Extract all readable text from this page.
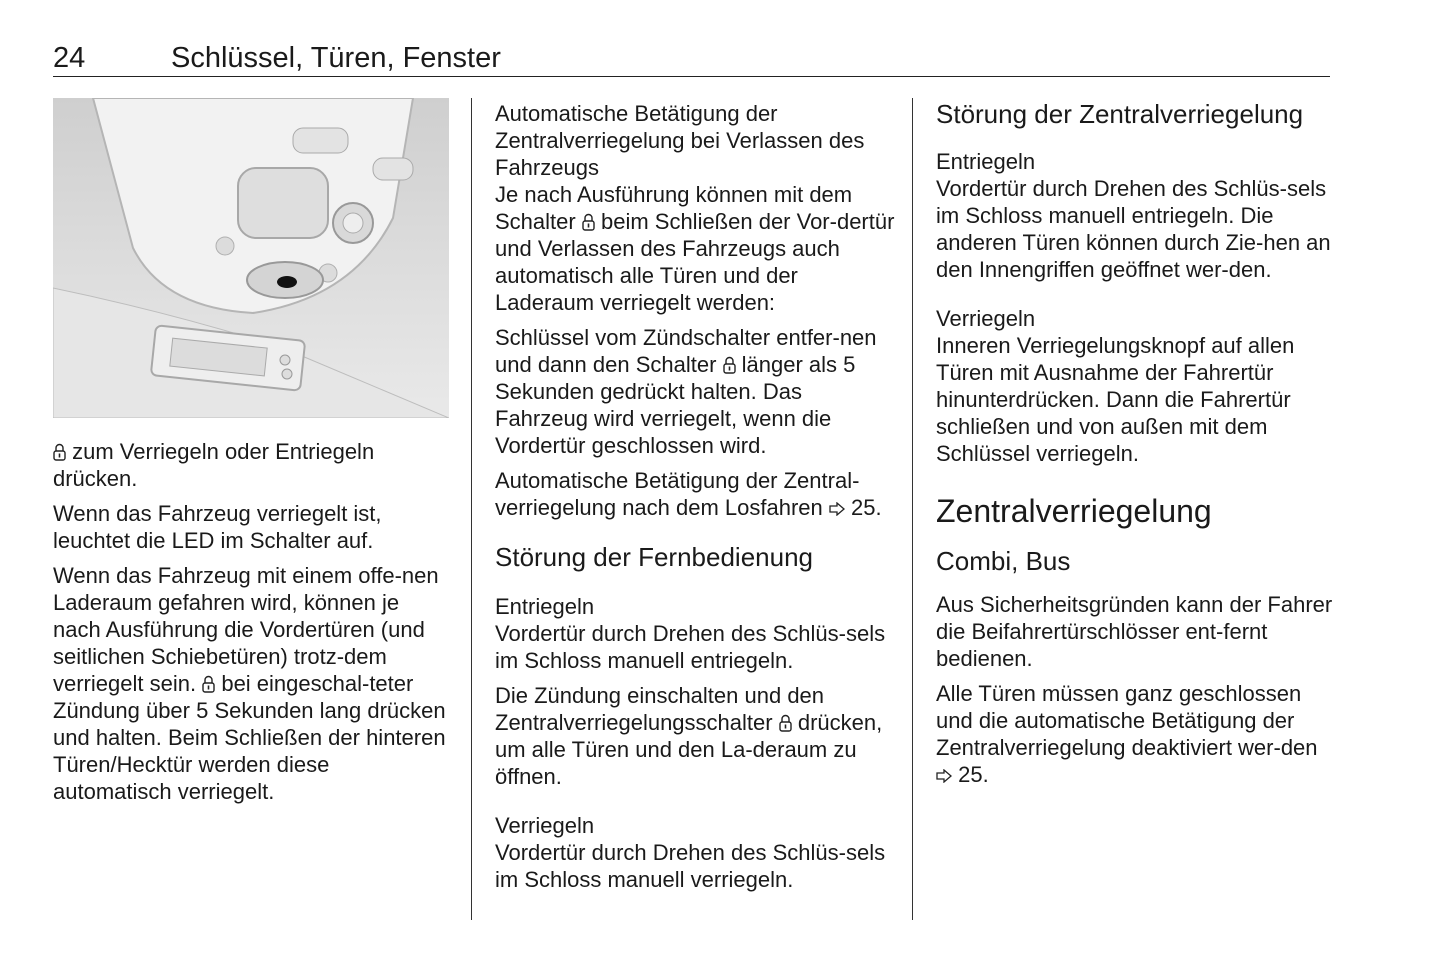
24	Schlüssel, Türen, Fenster

zum Verriegeln oder Entriegeln drücken.

Wenn das Fahrzeug verriegelt ist, leuchtet die LED im Schalter auf.

Wenn das Fahrzeug mit einem offe-nen Laderaum gefahren wird, können je nach Ausführung die Vordertüren (und seitlichen Schiebetüren) trotz-dem verriegelt sein. bei eingeschal-teter Zündung über 5 Sekunden lang drücken und halten. Beim Schließen der hinteren Türen/Hecktür werden diese automatisch verriegelt.

Automatische Betätigung der Zentralverriegelung bei Verlassen des Fahrzeugs

Je nach Ausführung können mit dem Schalter beim Schließen der Vor-dertür und Verlassen des Fahrzeugs auch automatisch alle Türen und der Laderaum verriegelt werden:

Schlüssel vom Zündschalter entfer-nen und dann den Schalter länger als 5 Sekunden gedrückt halten. Das Fahrzeug wird verriegelt, wenn die Vordertür geschlossen wird.

Automatische Betätigung der Zentral-verriegelung nach dem Losfahren 25.

Störung der Fernbedienung
Entriegeln

Vordertür durch Drehen des Schlüs-sels im Schloss manuell entriegeln.

Die Zündung einschalten und den Zentralverriegelungsschalter drücken, um alle Türen und den La-deraum zu öffnen.

Verriegeln

Vordertür durch Drehen des Schlüs-sels im Schloss manuell verriegeln.

Störung der Zentralverriegelung
Entriegeln

Vordertür durch Drehen des Schlüs-sels im Schloss manuell entriegeln. Die anderen Türen können durch Zie-hen an den Innengriffen geöffnet wer-den.

Verriegeln

Inneren Verriegelungsknopf auf allen Türen mit Ausnahme der Fahrertür hinunterdrücken. Dann die Fahrertür schließen und von außen mit dem Schlüssel verriegeln.

Zentralverriegelung
Combi, Bus

Aus Sicherheitsgründen kann der Fahrer die Beifahrertürschlösser ent-fernt bedienen.

Alle Türen müssen ganz geschlossen und die automatische Betätigung der Zentralverriegelung deaktiviert wer-den  25.
